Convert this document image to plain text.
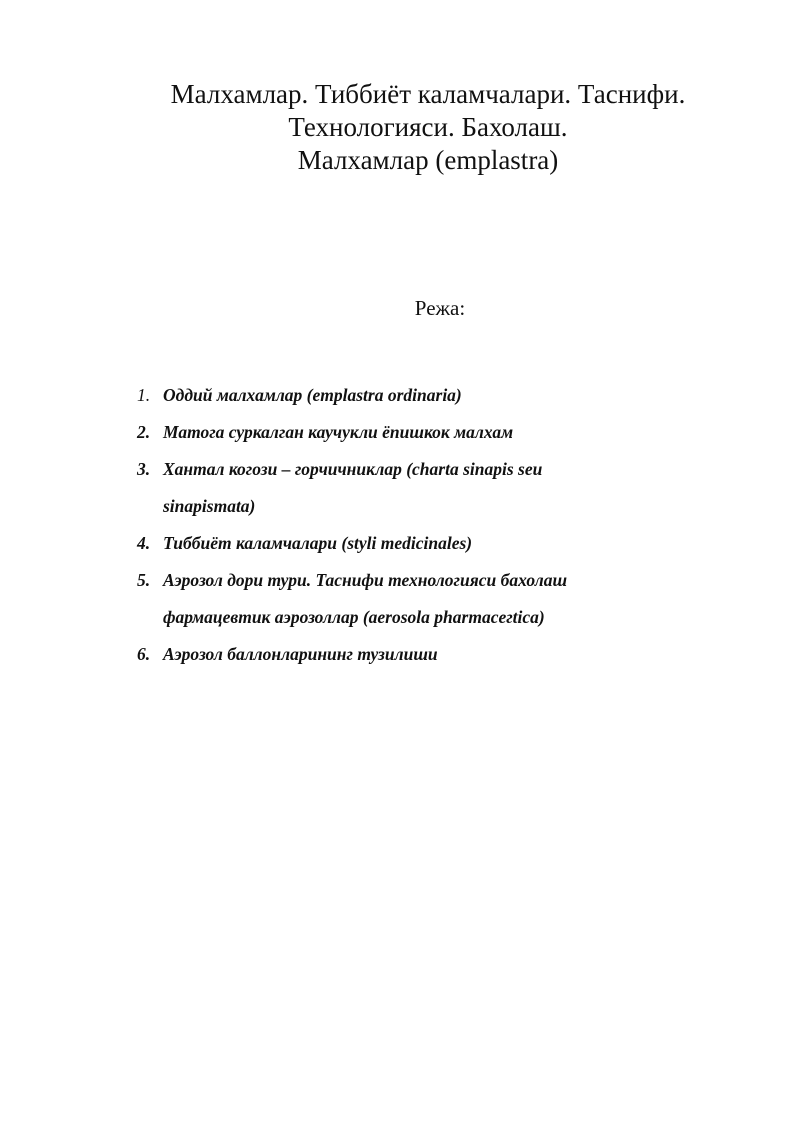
Малхамлар. Тиббиёт каламчалари. Таснифи.
Технологияси. Бахолаш.
Малхамлар (emplastra)
Режа:
1. Оддий малхамлар (emplastra ordinaria)
2. Матога суркалган каучукли ёпишкок малхам
3. Хантал когози – горчичниклар (charta sinapis seu
sinapismata)
4. Тиббиёт каламчалари (styli medicinales)
5. Аэрозол дори тури. Таснифи технологияси бахолаш
фармацевтик аэрозоллар (aerosola pharmaceгtica)
6. Аэрозол баллонларининг тузилиши
